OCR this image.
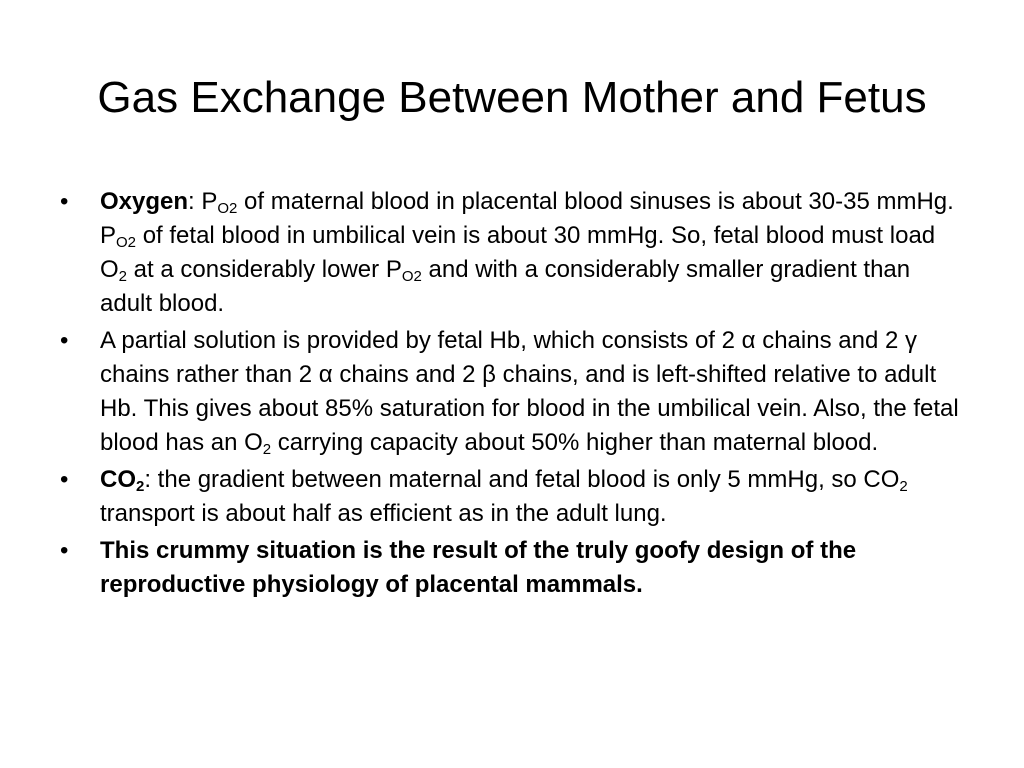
Gas Exchange Between Mother and Fetus
•	Oxygen: $P_{O2}$ of maternal blood in placental blood sinuses is about 30-35 mmHg. $P_{O2}$ of fetal blood in umbilical vein is about 30 mmHg. So, fetal blood must load $O_2$ at a considerably lower $P_{O2}$ and with a considerably smaller gradient than adult blood.
•	A partial solution is provided by fetal Hb, which consists of 2 α chains and 2 γ chains rather than 2 α chains and 2 β chains, and is left-shifted relative to adult Hb. This gives about 85% saturation for blood in the umbilical vein. Also, the fetal blood has an $O_2$ carrying capacity about 50% higher than maternal blood.
•	$CO_2$: the gradient between maternal and fetal blood is only 5 mmHg, so $CO_2$ transport is about half as efficient as in the adult lung.
•	This crummy situation is the result of the truly goofy design of the reproductive physiology of placental mammals.
